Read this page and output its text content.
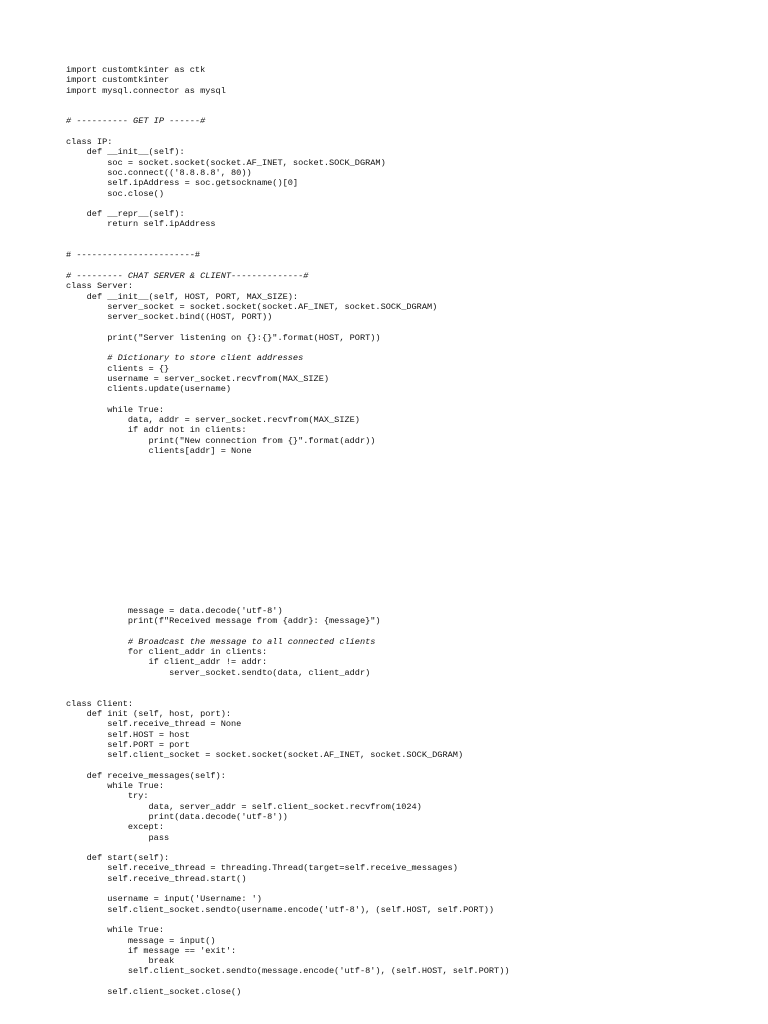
import customtkinter as ctk
import customtkinter
import mysql.connector as mysql
# ---------- GET IP ------#
class IP:
def __init__(self):
soc = socket.socket(socket.AF_INET, socket.SOCK_DGRAM)
soc.connect(('8.8.8.8', 80))
self.ipAddress = soc.getsockname()[0]
soc.close()
def __repr__(self):
return self.ipAddress
# -----------------------#
# --------- CHAT SERVER & CLIENT--------------#
class Server:
def __init__(self, HOST, PORT, MAX_SIZE):
server_socket = socket.socket(socket.AF_INET, socket.SOCK_DGRAM)
server_socket.bind((HOST, PORT))
print("Server listening on {}:{}".format(HOST, PORT))
# Dictionary to store client addresses
clients = {}
username = server_socket.recvfrom(MAX_SIZE)
clients.update(username)
while True:
data, addr = server_socket.recvfrom(MAX_SIZE)
if addr not in clients:
print("New connection from {}".format(addr))
clients[addr] = None
message = data.decode('utf-8')
print(f"Received message from {addr}: {message}")
# Broadcast the message to all connected clients
for client_addr in clients:
if client_addr != addr:
server_socket.sendto(data, client_addr)
class Client:
def init (self, host, port):
self.receive_thread = None
self.HOST = host
self.PORT = port
self.client_socket = socket.socket(socket.AF_INET, socket.SOCK_DGRAM)
def receive_messages(self):
while True:
try:
data, server_addr = self.client_socket.recvfrom(1024)
print(data.decode('utf-8'))
except:
pass
def start(self):
self.receive_thread = threading.Thread(target=self.receive_messages)
self.receive_thread.start()
username = input('Username: ')
self.client_socket.sendto(username.encode('utf-8'), (self.HOST, self.PORT))
while True:
message = input()
if message == 'exit':
break
self.client_socket.sendto(message.encode('utf-8'), (self.HOST, self.PORT))
self.client_socket.close()
